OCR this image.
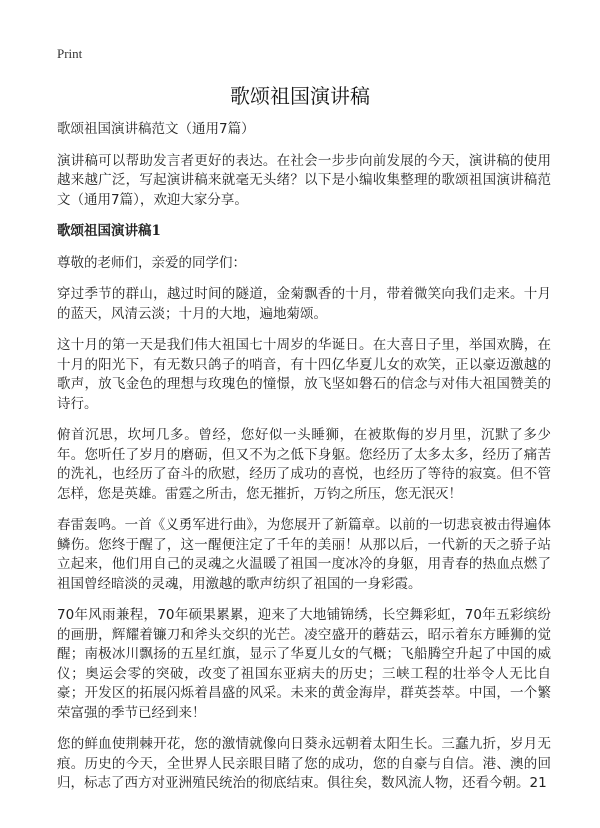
Print
歌颂祖国演讲稿

歌颂祖国演讲稿范文（通用7篇）

演讲稿可以帮助发言者更好的表达。在社会一步步向前发展的今天，演讲稿的使用越来越广泛，写起演讲稿来就毫无头绪？以下是小编收集整理的歌颂祖国演讲稿范文（通用7篇），欢迎大家分享。

歌颂祖国演讲稿1

尊敬的老师们，亲爱的同学们：

穿过季节的群山，越过时间的隧道，金菊飘香的十月，带着微笑向我们走来。十月的蓝天，风清云淡；十月的大地，遍地菊颂。

这十月的第一天是我们伟大祖国七十周岁的华诞日。在大喜日子里，举国欢腾，在十月的阳光下，有无数只鸽子的哨音，有十四亿华夏儿女的欢笑，正以豪迈激越的歌声，放飞金色的理想与玫瑰色的憧憬，放飞坚如磐石的信念与对伟大祖国赞美的诗行。

俯首沉思，坎坷几多。曾经，您好似一头睡狮，在被欺侮的岁月里，沉默了多少年。您听任了岁月的磨砺，但又不为之低下身躯。您经历了太多太多，经历了痛苦的洗礼，也经历了奋斗的欣慰，经历了成功的喜悦，也经历了等待的寂寞。但不管怎样，您是英雄。雷霆之所击，您无摧折，万钧之所压，您无泯灭！

春雷轰鸣。一首《义勇军进行曲》，为您展开了新篇章。以前的一切悲哀被击得遍体鳞伤。您终于醒了，这一醒便注定了千年的美丽！从那以后，一代新的天之骄子站立起来，他们用自己的灵魂之火温暖了祖国一度冰冷的身躯，用青春的热血点燃了祖国曾经暗淡的灵魂，用激越的歌声纺织了祖国的一身彩霞。

70年风雨兼程，70年硕果累累，迎来了大地铺锦绣，长空舞彩虹，70年五彩缤纷的画册，辉耀着镰刀和斧头交织的光芒。凌空盛开的蘑菇云，昭示着东方睡狮的觉醒；南极冰川飘扬的五星红旗，显示了华夏儿女的气概；飞船腾空升起了中国的威仪；奥运会零的突破，改变了祖国东亚病夫的历史；三峡工程的壮举令人无比自豪；开发区的拓展闪烁着昌盛的风采。未来的黄金海岸，群英荟萃。中国，一个繁荣富强的季节已经到来！

您的鲜血使荆棘开花，您的激情就像向日葵永远朝着太阳生长。三蠢九折，岁月无痕。历史的今天，全世界人民亲眼目睹了您的成功，您的自豪与自信。港、澳的回归，标志了西方对亚洲殖民统治的彻底结束。俱往矣，数风流人物，还看今朝。21
